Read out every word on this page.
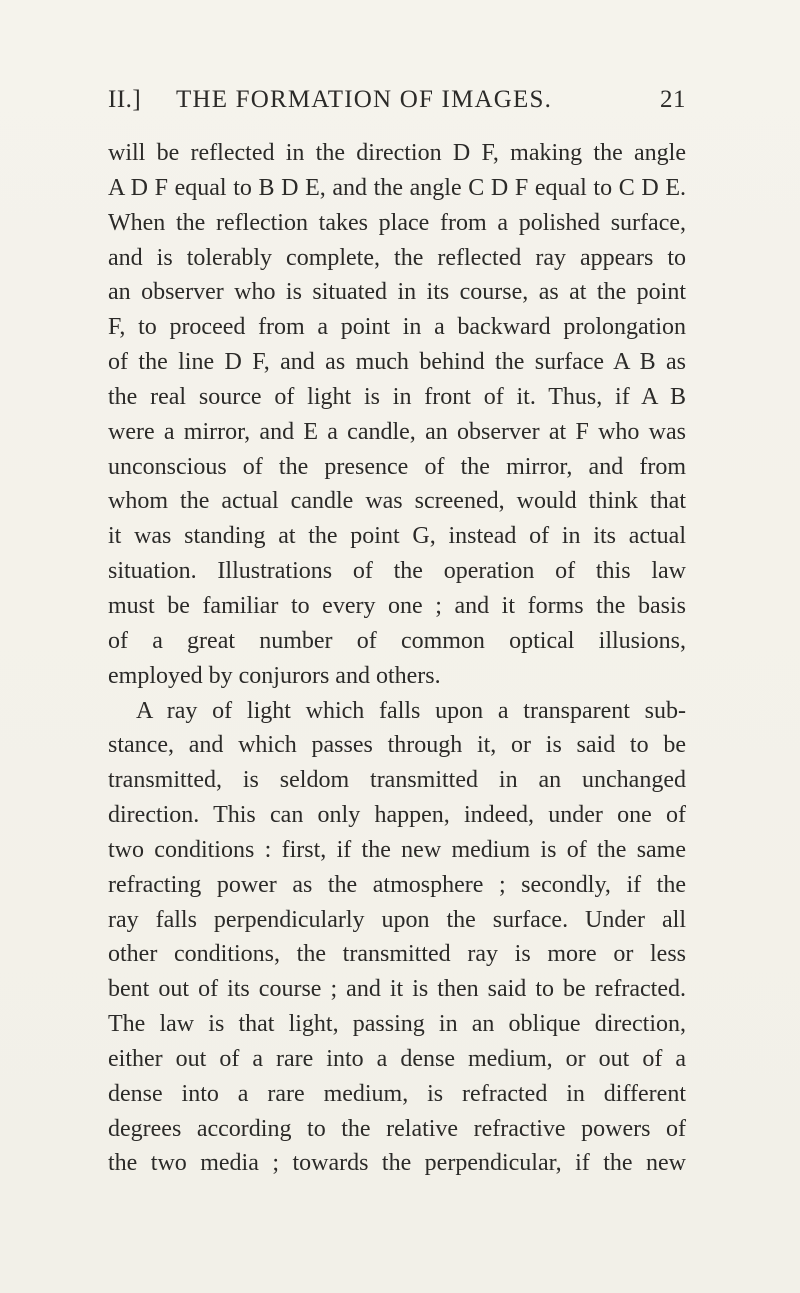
II.] THE FORMATION OF IMAGES.	21
will be reflected in the direction D F, making the angle
A D F equal to B D E, and the angle C D F equal to C D E.
When the reflection takes place from a polished surface,
and is tolerably complete, the reflected ray appears to
an observer who is situated in its course, as at the point
F, to proceed from a point in a backward prolongation
of the line D F, and as much behind the surface A B as
the real source of light is in front of it. Thus, if A B
were a mirror, and E a candle, an observer at F who was
unconscious of the presence of the mirror, and from
whom the actual candle was screened, would think that
it was standing at the point G, instead of in its actual
situation. Illustrations of the operation of this law
must be familiar to every one ; and it forms the basis
of a great number of common optical illusions,
employed by conjurors and others.
A ray of light which falls upon a transparent sub-
stance, and which passes through it, or is said to be
transmitted, is seldom transmitted in an unchanged
direction. This can only happen, indeed, under one of
two conditions : first, if the new medium is of the same
refracting power as the atmosphere ; secondly, if the
ray falls perpendicularly upon the surface. Under all
other conditions, the transmitted ray is more or less
bent out of its course ; and it is then said to be refracted.
The law is that light, passing in an oblique direction,
either out of a rare into a dense medium, or out of a
dense into a rare medium, is refracted in different
degrees according to the relative refractive powers of
the two media ; towards the perpendicular, if the new
